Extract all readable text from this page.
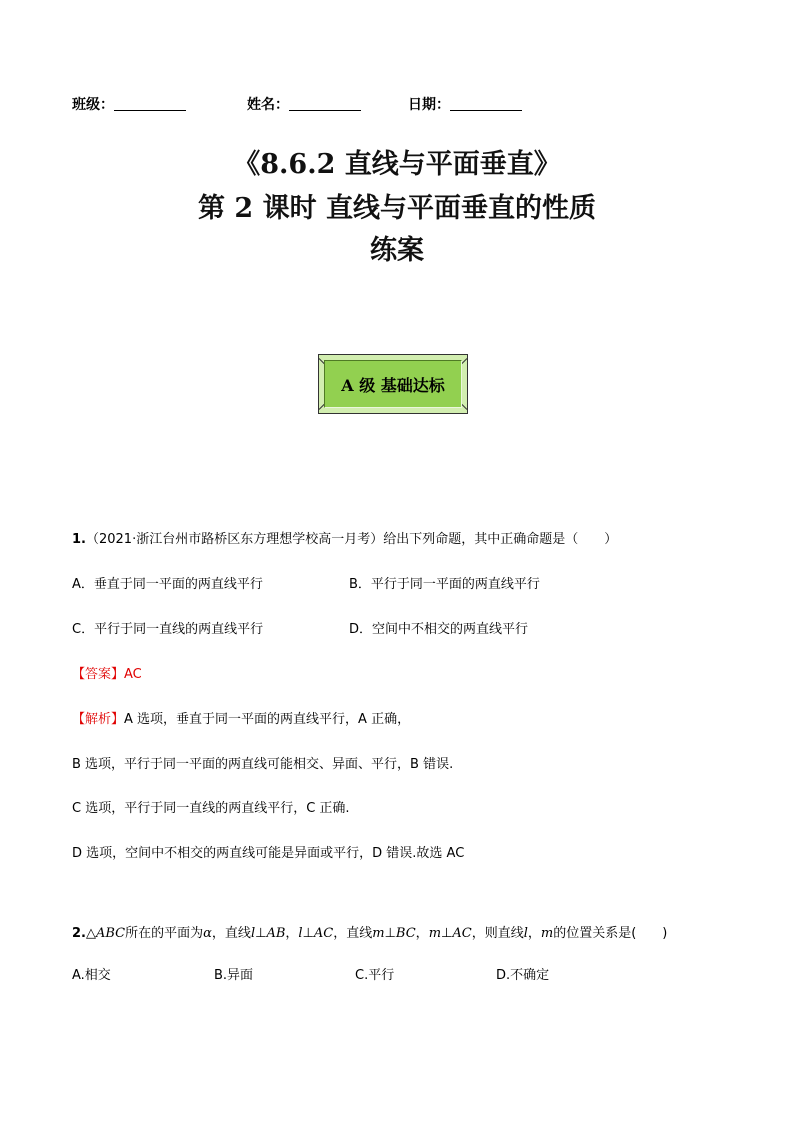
班级：	姓名：	日期：
《8.6.2 直线与平面垂直》
第 2 课时 直线与平面垂直的性质
练案
A 级 基础达标
1.（2021·浙江台州市路桥区东方理想学校高一月考）给出下列命题，其中正确命题是（　　）
A．垂直于同一平面的两直线平行	B．平行于同一平面的两直线平行
C．平行于同一直线的两直线平行	D．空间中不相交的两直线平行
【答案】AC
【解析】A 选项，垂直于同一平面的两直线平行，A 正确，
B 选项，平行于同一平面的两直线可能相交、异面、平行，B 错误.
C 选项，平行于同一直线的两直线平行，C 正确.
D 选项，空间中不相交的两直线可能是异面或平行，D 错误.故选 AC
2.△ABC所在的平面为α，直线l⊥AB，l⊥AC，直线m⊥BC，m⊥AC，则直线l，m的位置关系是(　　)
A.相交	B.异面	C.平行	D.不确定
